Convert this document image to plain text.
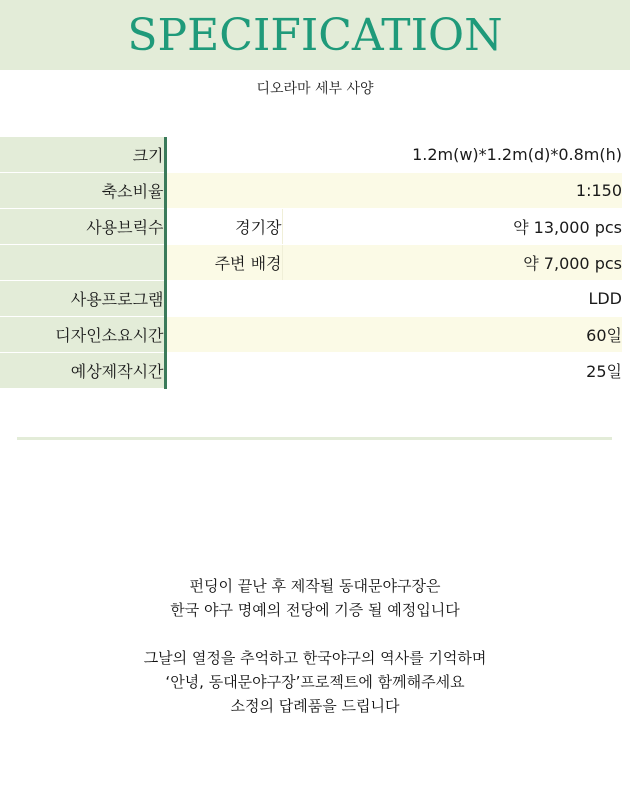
SPECIFICATION
디오라마 세부 사양
크기	1.2m(w)*1.2m(d)*0.8m(h)	
축소비율	1:150	
사용브릭수	경기장	약 13,000 pcs
	주변 배경	약 7,000 pcs
사용프로그램	LDD	
디자인소요시간	60일	
예상제작시간	25일	
펀딩이 끝난 후 제작될 동대문야구장은
한국 야구 명예의 전당에 기증 될 예정입니다
그날의 열정을 추억하고 한국야구의 역사를 기억하며
‘안녕, 동대문야구장’프로젝트에 함께해주세요
소정의 답례품을 드립니다
